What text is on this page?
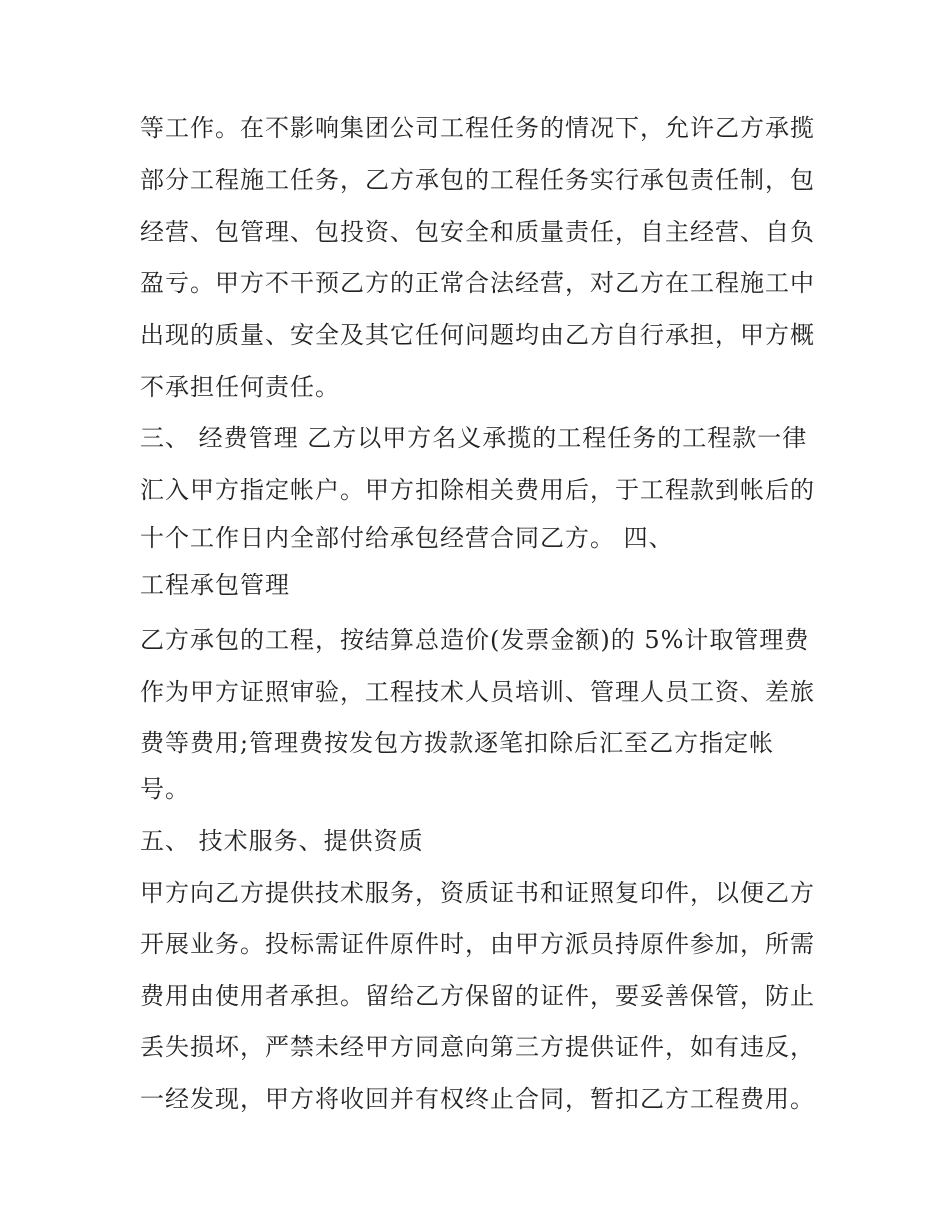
等工作。在不影响集团公司工程任务的情况下，允许乙方承揽
部分工程施工任务，乙方承包的工程任务实行承包责任制，包
经营、包管理、包投资、包安全和质量责任，自主经营、自负
盈亏。甲方不干预乙方的正常合法经营，对乙方在工程施工中
出现的质量、安全及其它任何问题均由乙方自行承担，甲方概
不承担任何责任。
三、 经费管理 乙方以甲方名义承揽的工程任务的工程款一律
汇入甲方指定帐户。甲方扣除相关费用后，于工程款到帐后的
十个工作日内全部付给承包经营合同乙方。 四、
工程承包管理
乙方承包的工程，按结算总造价(发票金额)的 5%计取管理费
作为甲方证照审验，工程技术人员培训、管理人员工资、差旅
费等费用;管理费按发包方拨款逐笔扣除后汇至乙方指定帐
号。
五、 技术服务、提供资质
甲方向乙方提供技术服务，资质证书和证照复印件，以便乙方
开展业务。投标需证件原件时，由甲方派员持原件参加，所需
费用由使用者承担。留给乙方保留的证件，要妥善保管，防止
丢失损坏，严禁未经甲方同意向第三方提供证件，如有违反，
一经发现，甲方将收回并有权终止合同，暂扣乙方工程费用。
